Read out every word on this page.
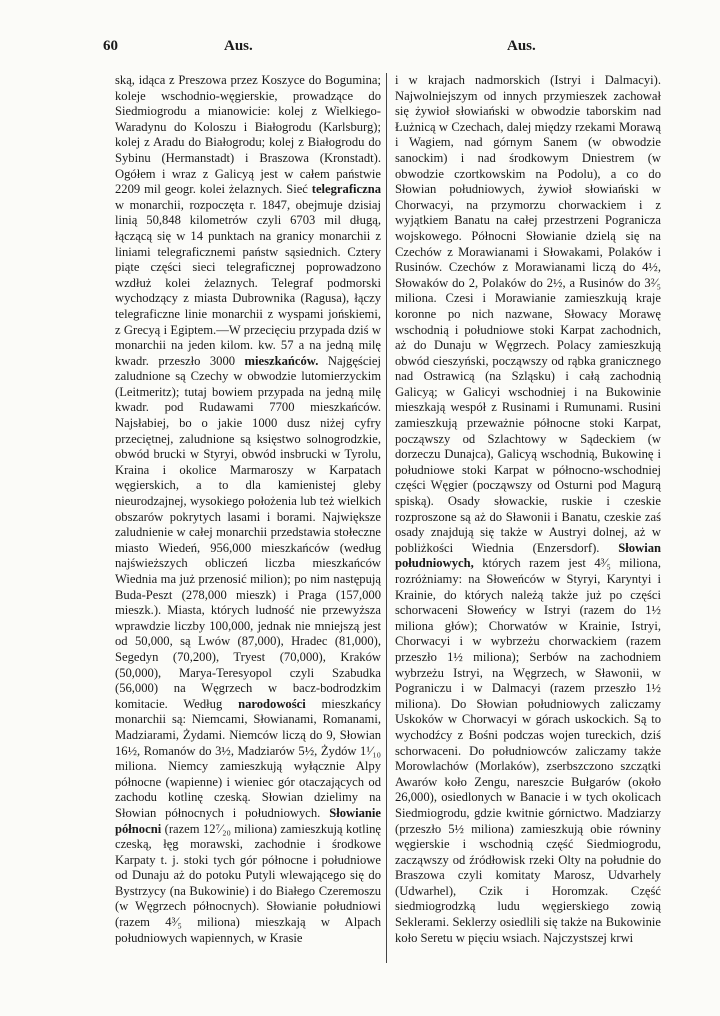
60	Aus.	Aus.

ską, idąca z Preszowa przez Koszyce do Bogumina; koleje wschodnio-węgierskie, prowadzące do Siedmiogrodu a mianowicie: kolej z Wielkiego-Waradynu do Koloszu i Białogrodu (Karlsburg); kolej z Aradu do Białogrodu; kolej z Białogrodu do Sybinu (Hermanstadt) i Braszowa (Kronstadt). Ogółem i wraz z Galicyą jest w całem państwie 2209 mil geogr. kolei żelaznych. Sieć telegraficzna w monarchii, rozpoczęta r. 1847, obejmuje dzisiaj linią 50,848 kilometrów czyli 6703 mil długą, łączącą się w 14 punktach na granicy monarchii z liniami telegraficznemi państw sąsiednich. Cztery piąte części sieci telegraficznej poprowadzono wzdłuż kolei żelaznych. Telegraf podmorski wychodzący z miasta Dubrownika (Ragusa), łączy telegraficzne linie monarchii z wyspami jońskiemi, z Grecyą i Egiptem.—W przecięciu przypada dziś w monarchii na jeden kilom. kw. 57 a na jedną milę kwadr. przeszło 3000 mieszkańców. Najgęściej zaludnione są Czechy w obwodzie lutomierzyckim (Leitmeritz); tutaj bowiem przypada na jedną milę kwadr. pod Rudawami 7700 mieszkańców. Najsłabiej, bo o jakie 1000 dusz niżej cyfry przeciętnej, zaludnione są księstwo solnogrodzkie, obwód brucki w Styryi, obwód insbrucki w Tyrolu, Kraina i okolice Marmaroszy w Karpatach węgierskich, a to dla kamienistej gleby nieurodzajnej, wysokiego położenia lub też wielkich obszarów pokrytych lasami i borami. Największe zaludnienie w całej monarchii przedstawia stołeczne miasto Wiedeń, 956,000 mieszkańców (według najświeższych obliczeń liczba mieszkańców Wiednia ma już przenosić milion); po nim następują Buda-Peszt (278,000 mieszk) i Praga (157,000 mieszk.). Miasta, których ludność nie przewyższa wprawdzie liczby 100,000, jednak nie mniejszą jest od 50,000, są Lwów (87,000), Hradec (81,000), Segedyn (70,200), Tryest (70,000), Kraków (50,000), Marya-Teresyopol czyli Szabudka (56,000) na Węgrzech w bacz-bodrodzkim komitacie. Według narodowości mieszkańcy monarchii są: Niemcami, Słowianami, Romanami, Madziarami, Żydami. Niemców liczą do 9, Słowian 16½, Romanów do 3½, Madziarów 5½, Żydów 1¹⁄₁₀ miliona. Niemcy zamieszkują wyłącznie Alpy północne (wapienne) i wieniec gór otaczających od zachodu kotlinę czeską. Słowian dzielimy na Słowian północnych i południowych. Słowianie północni (razem 12⁷⁄₂₀ miliona) zamieszkują kotlinę czeską, łęg morawski, zachodnie i środkowe Karpaty t. j. stoki tych gór północne i południowe od Dunaju aż do potoku Putyli wlewającego się do Bystrzycy (na Bukowinie) i do Białego Czeremoszu (w Węgrzech północnych). Słowianie południowi (razem 4³⁄₅ miliona) mieszkają w Alpach południowych wapiennych, w Krasie

i w krajach nadmorskich (Istryi i Dalmacyi). Najwolniejszym od innych przymieszek zachował się żywioł słowiański w obwodzie taborskim nad Łużnicą w Czechach, dalej między rzekami Morawą i Wagiem, nad górnym Sanem (w obwodzie sanockim) i nad środkowym Dniestrem (w obwodzie czortkowskim na Podolu), a co do Słowian południowych, żywioł słowiański w Chorwacyi, na przymorzu chorwackiem i z wyjątkiem Banatu na całej przestrzeni Pogranicza wojskowego. Północni Słowianie dzielą się na Czechów z Morawianami i Słowakami, Polaków i Rusinów. Czechów z Morawianami liczą do 4½, Słowaków do 2, Polaków do 2½, a Rusinów do 3²⁄₅ miliona. Czesi i Morawianie zamieszkują kraje koronne po nich nazwane, Słowacy Morawę wschodnią i południowe stoki Karpat zachodnich, aż do Dunaju w Węgrzech. Polacy zamieszkują obwód cieszyński, począwszy od rąbka granicznego nad Ostrawicą (na Szląsku) i całą zachodnią Galicyą; w Galicyi wschodniej i na Bukowinie mieszkają wespół z Rusinami i Rumunami. Rusini zamieszkują przeważnie północne stoki Karpat, począwszy od Szlachtowy w Sądeckiem (w dorzeczu Dunajca), Galicyą wschodnią, Bukowinę i południowe stoki Karpat w północno-wschodniej części Węgier (począwszy od Osturni pod Magurą spiską). Osady słowackie, ruskie i czeskie rozproszone są aż do Sławonii i Banatu, czeskie zaś osady znajdują się także w Austryi dolnej, aż w pobliżkości Wiednia (Enzersdorf). Słowian południowych, których razem jest 4³⁄₅ miliona, rozróżniamy: na Słoweńców w Styryi, Karyntyi i Krainie, do których należą także już po części schorwaceni Słoweńcy w Istryi (razem do 1½ miliona głów); Chorwatów w Krainie, Istryi, Chorwacyi i w wybrzeżu chorwackiem (razem przeszło 1½ miliona); Serbów na zachodniem wybrzeżu Istryi, na Węgrzech, w Sławonii, w Pograniczu i w Dalmacyi (razem przeszło 1½ miliona). Do Słowian południowych zaliczamy Uskoków w Chorwacyi w górach uskockich. Są to wychodźcy z Bośni podczas wojen tureckich, dziś schorwaceni. Do południowców zaliczamy także Morowlachów (Morlaków), zserbszczono szczątki Awarów koło Zengu, nareszcie Bułgarów (około 26,000), osiedlonych w Banacie i w tych okolicach Siedmiogrodu, gdzie kwitnie górnictwo. Madziarzy (przeszło 5½ miliona) zamieszkują obie równiny węgierskie i wschodnią część Siedmiogrodu, zacząwszy od źródłowisk rzeki Olty na południe do Braszowa czyli komitaty Marosz, Udvarhely (Udwarhel), Czik i Horomzak. Część siedmiogrodzką ludu węgierskiego zowią Seklerami. Seklerzy osiedlili się także na Bukowinie koło Seretu w pięciu wsiach. Najczystszej krwi
